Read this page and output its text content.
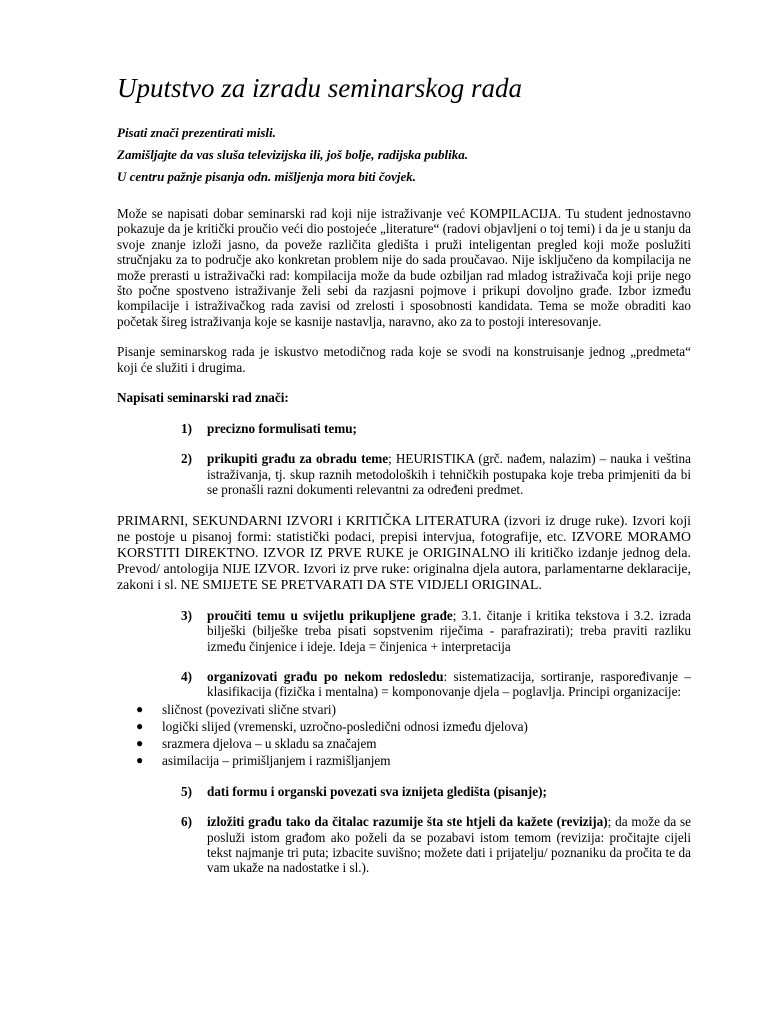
Uputstvo za izradu seminarskog rada

Pisati znači prezentirati misli.

Zamišljajte da vas sluša televizijska ili, još bolje, radijska publika.

U centru pažnje pisanja odn. mišljenja mora biti čovjek.

Može se napisati dobar seminarski rad koji nije istraživanje već KOMPILACIJA. Tu student jednostavno pokazuje da je kritički proučio veći dio postojeće „literature“ (radovi objavljeni o toj temi) i da je u stanju da svoje znanje izloži jasno, da poveže različita gledišta i pruži inteligentan pregled koji može poslužiti stručnjaku za to područje ako konkretan problem nije do sada proučavao. Nije isključeno da kompilacija ne može prerasti u istraživački rad: kompilacija može da bude ozbiljan rad mladog istraživača koji prije nego što počne spostveno istraživanje želi sebi da razjasni pojmove i prikupi dovoljno građe. Izbor između kompilacije i istraživačkog rada zavisi od zrelosti i sposobnosti kandidata. Tema se može obraditi kao početak šireg istraživanja koje se kasnije nastavlja, naravno, ako za to postoji interesovanje.

Pisanje seminarskog rada je iskustvo metodičnog rada koje se svodi na konstruisanje jednog „predmeta“ koji će služiti i drugima.

Napisati seminarski rad znači:

1)	precizno formulisati temu;
2)	prikupiti građu za obradu teme; HEURISTIKA (grč. nađem, nalazim) – nauka i veština istraživanja, tj. skup raznih metodoloških i tehničkih postupaka koje treba primjeniti da bi se pronašli razni dokumenti relevantni za određeni predmet.

PRIMARNI, SEKUNDARNI IZVORI i KRITIČKA LITERATURA (izvori iz druge ruke). Izvori koji ne postoje u pisanoj formi: statistički podaci, prepisi intervjua, fotografije, etc. IZVORE MORAMO KORSTITI DIREKTNO. IZVOR IZ PRVE RUKE je ORIGINALNO ili kritičko izdanje jednog dela. Prevod/ antologija NIJE IZVOR. Izvori iz prve ruke: originalna djela autora, parlamentarne deklaracije, zakoni i sl. NE SMIJETE SE PRETVARATI DA STE VIDJELI ORIGINAL.

3)	proučiti temu u svijetlu prikupljene građe; 3.1. čitanje i kritika tekstova i 3.2. izrada bilješki (bilješke treba pisati sopstvenim riječima - parafrazirati); treba praviti razliku između činjenice i ideje. Ideja = činjenica + interpretacija
4)	organizovati građu po nekom redosledu: sistematizacija, sortiranje, raspoređivanje – klasifikacija (fizička i mentalna) = komponovanje djela – poglavlja. Principi organizacije:
●	sličnost (povezivati slične stvari)
●	logički slijed (vremenski, uzročno-posledični odnosi između djelova)
●	srazmera djelova – u skladu sa značajem
●	asimilacija – primišljanjem i razmišljanjem
5)	dati formu i organski povezati sva iznijeta gledišta (pisanje);
6)	izložiti građu tako da čitalac razumije šta ste htjeli da kažete (revizija); da može da se posluži istom građom ako poželi da se pozabavi istom temom (revizija: pročitajte cijeli tekst najmanje tri puta; izbacite suvišno; možete dati i prijatelju/ poznaniku da pročita te da vam ukaže na nadostatke i sl.).
